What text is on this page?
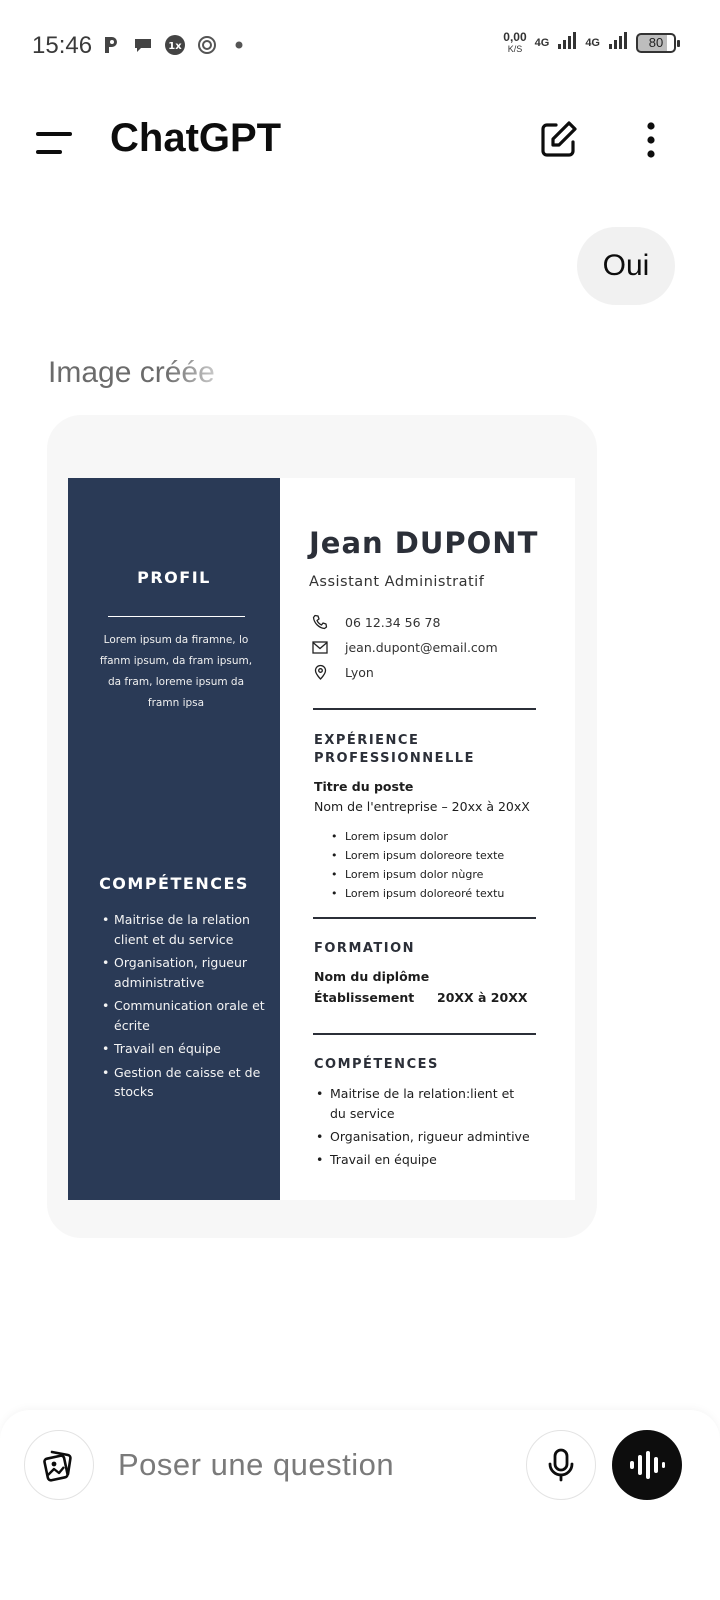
15:46	1x
0,00
K/S	4G	4G	80
ChatGPT
Oui
Image créée
PROFIL
Lorem ipsum da firamne, lo ffanm ipsum, da fram ipsum, da fram, loreme ipsum da framn ipsa
COMPÉTENCES
• Maitrise de la relation client et du service
• Organisation, rigueur administrative
• Communication orale et écrite
• Travail en équipe
• Gestion de caisse et de stocks
Jean DUPONT
Assistant Administratif
06 12.34 56 78
jean.dupont@email.com
Lyon
EXPÉRIENCE
PROFESSIONNELLE
Titre du poste
Nom de l'entreprise – 20xx à 20xX
• Lorem ipsum dolor
• Lorem ipsum doloreore texte
• Lorem ipsum dolor nùgre
• Lorem ipsum doloreoré textu
FORMATION
Nom du diplôme
Établissement 20XX à 20XX
COMPÉTENCES
• Maitrise de la relation:lient et du service
• Organisation, rigueur admintive
• Travail en équipe
Poser une question
